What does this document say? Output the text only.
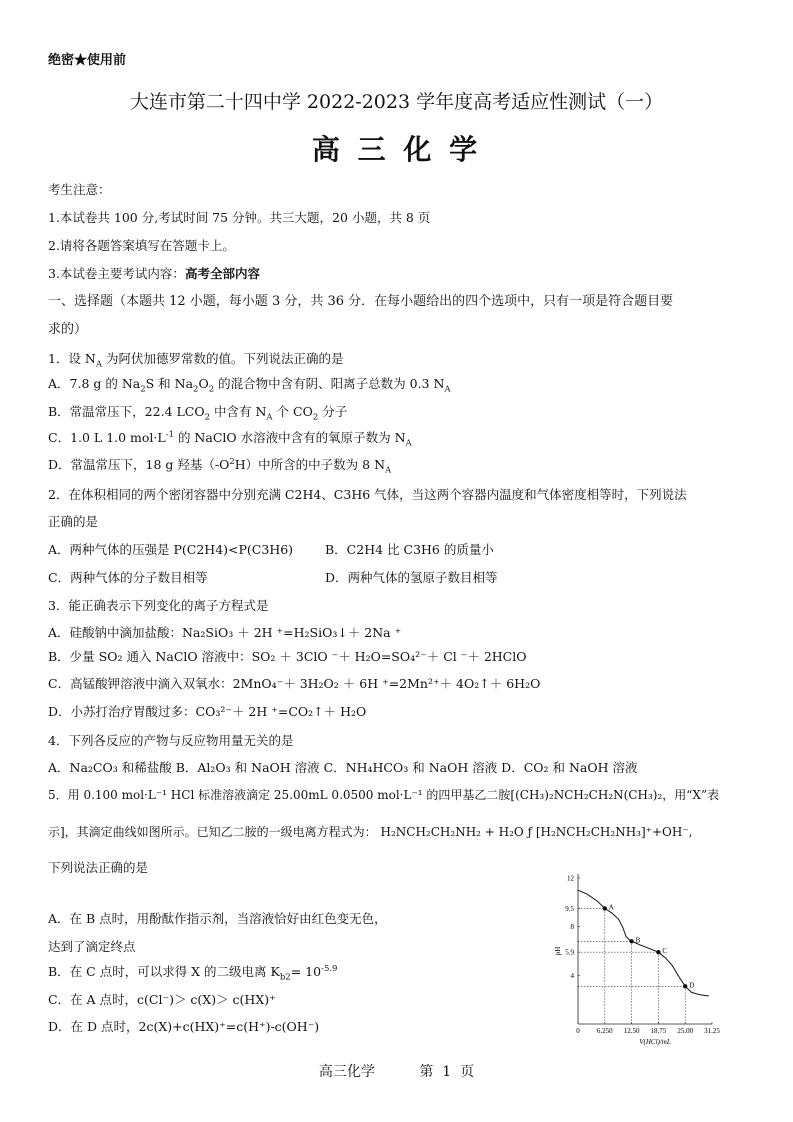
绝密★使用前
大连市第二十四中学 2022-2023 学年度高考适应性测试（一）
高 三 化 学
考生注意：
1.本试卷共 100 分,考试时间 75 分钟。共三大题，20 小题，共 8 页
2.请将各题答案填写在答题卡上。
3.本试卷主要考试内容：高考全部内容
一、选择题（本题共 12 小题，每小题 3 分，共 36 分．在每小题给出的四个选项中，只有一项是符合题目要
求的）
1．设 $N_A$ 为阿伏加德罗常数的值。下列说法正确的是
A．7.8 g 的 $Na_2S$ 和 $Na_2O_2$ 的混合物中含有阴、阳离子总数为 0.3 $N_A$
B．常温常压下，22.4 $LCO_2$ 中含有 $N_A$ 个 $CO_2$ 分子
C．1.0 L 1.0 $mol\cdot L^{-1}$ 的 NaClO 水溶液中含有的氧原子数为 $N_A$
D．常温常压下，18 g 羟基$(-O^2H)$中所含的中子数为 8 $N_A$
2．在体积相同的两个密闭容器中分别充满 C2H4、C3H6 气体，当这两个容器内温度和气体密度相等时，下列说法
正确的是
A．两种气体的压强是 P(C2H4)<P(C3H6)	B．C2H4 比 C3H6 的质量小
C．两种气体的分子数目相等	D．两种气体的氢原子数目相等
3．能正确表示下列变化的离子方程式是
A．硅酸钠中滴加盐酸：Na₂SiO₃ ＋ 2H ⁺=H₂SiO₃↓＋ 2Na ⁺
B．少量 SO₂ 通入 NaClO 溶液中：SO₂ ＋ 3ClO ⁻＋ H₂O=SO₄²⁻＋ Cl ⁻＋ 2HClO
C．高锰酸钾溶液中滴入双氧水：2MnO₄⁻＋ 3H₂O₂ ＋ 6H ⁺=2Mn²⁺＋ 4O₂↑＋ 6H₂O
D．小苏打治疗胃酸过多：CO₃²⁻＋ 2H ⁺=CO₂↑＋ H₂O
4．下列各反应的产物与反应物用量无关的是
A．Na₂CO₃ 和稀盐酸 B．Al₂O₃ 和 NaOH 溶液 C．NH₄HCO₃ 和 NaOH 溶液 D．CO₂ 和 NaOH 溶液
5．用 0.100 mol·L⁻¹ HCl 标准溶液滴定 25.00mL 0.0500 mol·L⁻¹ 的四甲基乙二胺[(CH₃)₂NCH₂CH₂N(CH₃)₂，用“X”表
示]，其滴定曲线如图所示。已知乙二胺的一级电离方程式为： H₂NCH₂CH₂NH₂ + H₂O ƒ [H₂NCH₂CH₂NH₃]⁺+OH⁻,
下列说法正确的是
A．在 B 点时，用酚酞作指示剂，当溶液恰好由红色变无色，
达到了滴定终点
B．在 C 点时，可以求得 X 的二级电离 $K_{b2}= 10^{-5.9}$
C．在 A 点时，c(Cl⁻)＞ c(X)＞ c(HX)⁺
D．在 D 点时，2c(X)+c(HX)⁺=c(H⁺)-c(OH⁻)	0 6.250 12.50 18.75 25.00 31.25
4
5.9
8
9.5
12
V(HCl)/mL
pH
A
B
C
D
高三化学          第  1  页
